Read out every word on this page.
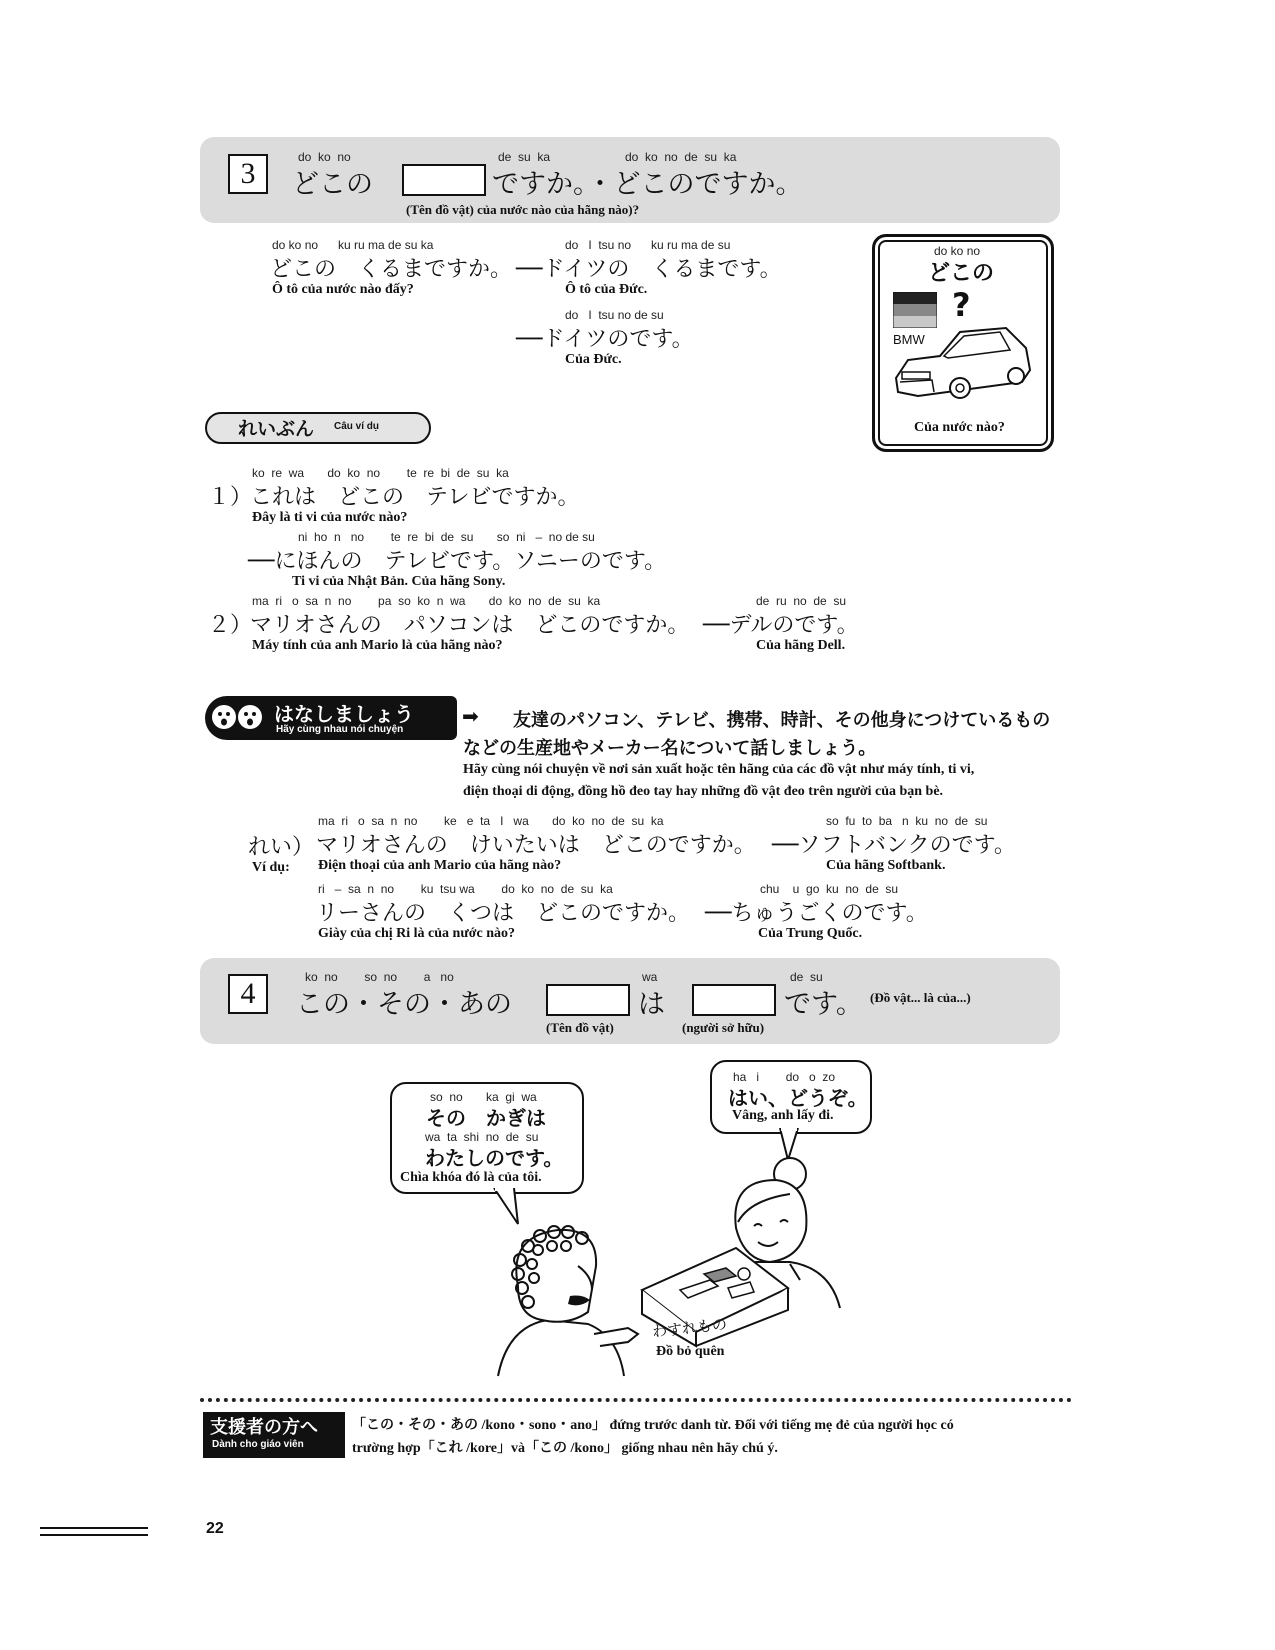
3	do  ko  no
どこの
de  su  ka	do  ko  no  de  su  ka
ですか。・どこのですか。
(Tên đồ vật) của nước nào của hãng nào)?
do ko no      ku ru ma de su ka
どこの　くるまですか。
Ô tô của nước nào đấy?
do   I  tsu no      ku ru ma de su
──ドイツの　くるまです。
Ô tô của Đức.
do   I  tsu no de su
──ドイツのです。
Của Đức.
do ko no
どこの
?
BMW
Của nước nào?
れいぶん Câu ví dụ
ko  re  wa       do  ko  no        te  re  bi  de  su  ka
１）
これは　どこの　テレビですか。
Đây là ti vi của nước nào?
ni  ho  n   no        te  re  bi  de  su       so  ni   –  no de su
──にほんの　テレビです。ソニーのです。
Ti vi của Nhật Bản. Của hãng Sony.
ma  ri   o  sa  n  no        pa  so  ko  n  wa       do  ko  no  de  su  ka
２）
マリオさんの　パソコンは　どこのですか。
Máy tính của anh Mario là của hãng nào?
de  ru  no  de  su
──デルのです。
Của hãng Dell.
はなしましょう
Hãy cùng nhau nói chuyện
➡ 友達のパソコン、テレビ、携帯、時計、その他身につけているもの
などの生産地やメーカー名について話しましょう。
Hãy cùng nói chuyện về nơi sản xuất hoặc tên hãng của các đồ vật như máy tính, ti vi,
điện thoại di động, đồng hồ đeo tay hay những đồ vật đeo trên người của bạn bè.
れい）
Ví dụ:
ma  ri   o  sa  n  no        ke   e  ta   I   wa       do  ko  no  de  su  ka
マリオさんの　けいたいは　どこのですか。
Điện thoại của anh Mario của hãng nào?
so  fu  to  ba   n  ku  no  de  su
──ソフトバンクのです。
Của hãng Softbank.
ri   –  sa  n  no        ku  tsu wa        do  ko  no  de  su  ka
リーさんの　くつは　どこのですか。
Giày của chị Ri là của nước nào?
chu    u  go  ku  no  de  su
──ちゅうごくのです。
Của Trung Quốc.
4	ko  no        so  no        a   no
この・その・あの
wa
は
de  su
です。 (Đồ vật... là của...)
(Tên đồ vật)	(người sở hữu)
so  no       ka  gi  wa
その　かぎは
wa  ta  shi  no  de  su
わたしのです。
Chìa khóa đó là của tôi.
ha   i        do   o  zo
はい、どうぞ。
Vâng, anh lấy đi.
わすれもの
Đồ bỏ quên
支援者の方へ
Dành cho giáo viên
「この・その・あの /kono・sono・ano」 đứng trước danh từ. Đối với tiếng mẹ đẻ của người học có
trường hợp「これ /kore」và「この /kono」 giống nhau nên hãy chú ý.
22
